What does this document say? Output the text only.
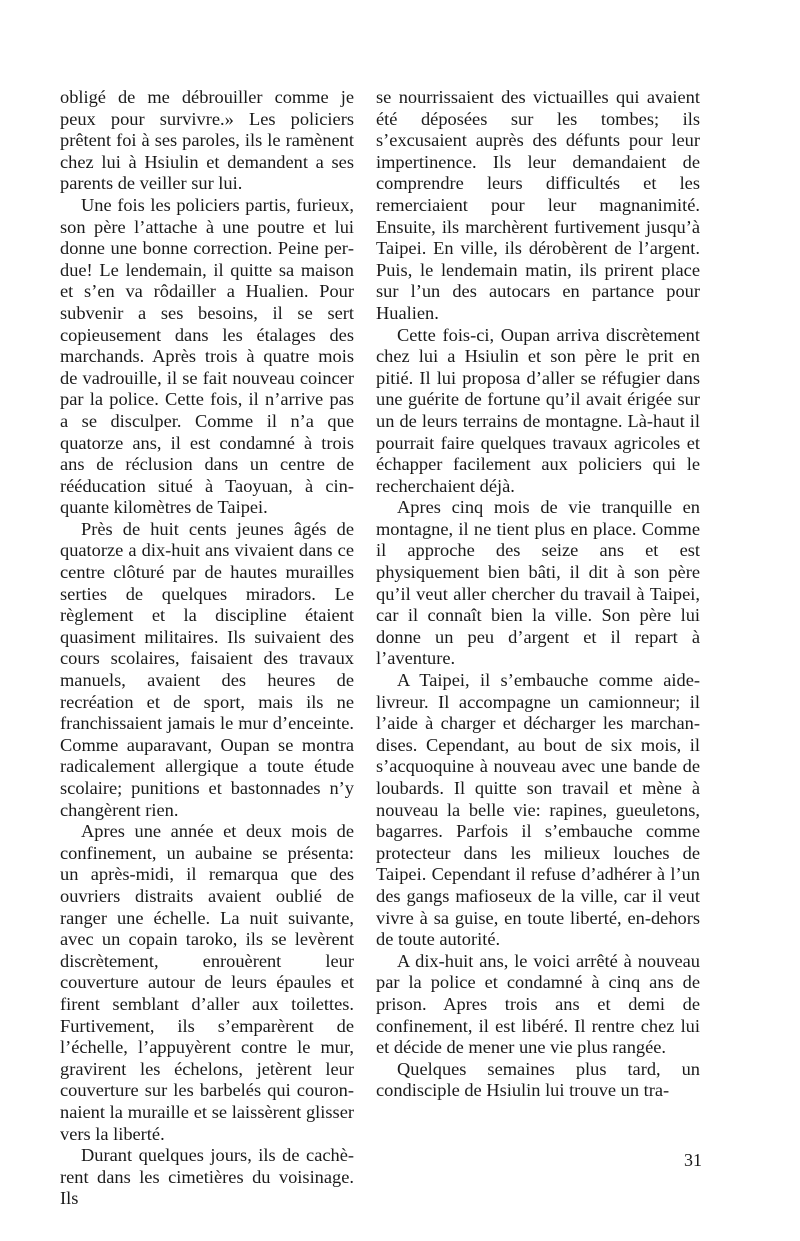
obligé de me débrouiller comme je peux pour survivre.» Les policiers prêtent foi à ses paroles, ils le ramènent chez lui à Hsiulin et demandent a ses parents de veiller sur lui.

Une fois les policiers partis, furieux, son père l’attache à une poutre et lui donne une bonne correction. Peine perdue! Le lendemain, il quitte sa maison et s’en va rôdailler a Hualien. Pour subvenir a ses besoins, il se sert copieusement dans les étalages des marchands. Après trois à quatre mois de vadrouille, il se fait nouveau coincer par la police. Cette fois, il n’arrive pas a se disculper. Comme il n’a que quatorze ans, il est condamné à trois ans de réclusion dans un centre de rééducation situé à Taoyuan, à cinquante kilomètres de Taipei.

Près de huit cents jeunes âgés de quatorze a dix-huit ans vivaient dans ce centre clôturé par de hautes murailles serties de quelques miradors. Le règlement et la discipline étaient quasiment militaires. Ils suivaient des cours scolaires, faisaient des travaux manuels, avaient des heures de recréation et de sport, mais ils ne franchissaient jamais le mur d’enceinte. Comme auparavant, Oupan se montra radicalement allergique a toute étude scolaire; punitions et bastonnades n’y changèrent rien.

Apres une année et deux mois de confinement, un aubaine se présenta: un après-midi, il remarqua que des ouvriers distraits avaient oublié de ranger une échelle. La nuit suivante, avec un copain taroko, ils se levèrent discrètement, enrouèrent leur couverture autour de leurs épaules et firent semblant d’aller aux toilettes. Furtivement, ils s’emparèrent de l’échelle, l’appuyèrent contre le mur, gravirent les échelons, jetèrent leur couverture sur les barbelés qui couronnaient la muraille et se laissèrent glisser vers la liberté.

Durant quelques jours, ils de cachèrent dans les cimetières du voisinage. Ils

se nourrissaient des victuailles qui avaient été déposées sur les tombes; ils s’excusaient auprès des défunts pour leur impertinence. Ils leur demandaient de comprendre leurs difficultés et les remerciaient pour leur magnanimité. Ensuite, ils marchèrent furtivement jusqu’à Taipei. En ville, ils dérobèrent de l’argent. Puis, le lendemain matin, ils prirent place sur l’un des autocars en partance pour Hualien.

Cette fois-ci, Oupan arriva discrètement chez lui a Hsiulin et son père le prit en pitié. Il lui proposa d’aller se réfugier dans une guérite de fortune qu’il avait érigée sur un de leurs terrains de montagne. Là-haut il pourrait faire quelques travaux agricoles et échapper facilement aux policiers qui le recherchaient déjà.

Apres cinq mois de vie tranquille en montagne, il ne tient plus en place. Comme il approche des seize ans et est physiquement bien bâti, il dit à son père qu’il veut aller chercher du travail à Taipei, car il connaît bien la ville. Son père lui donne un peu d’argent et il repart à l’aventure.

A Taipei, il s’embauche comme aide-livreur. Il accompagne un camionneur; il l’aide à charger et décharger les marchandises. Cependant, au bout de six mois, il s’acquoquine à nouveau avec une bande de loubards. Il quitte son travail et mène à nouveau la belle vie: rapines, gueuletons, bagarres. Parfois il s’embauche comme protecteur dans les milieux louches de Taipei. Cependant il refuse d’adhérer à l’un des gangs mafioseux de la ville, car il veut vivre à sa guise, en toute liberté, en-dehors de toute autorité.

A dix-huit ans, le voici arrêté à nouveau par la police et condamné à cinq ans de prison. Apres trois ans et demi de confinement, il est libéré. Il rentre chez lui et décide de mener une vie plus rangée.

Quelques semaines plus tard, un condisciple de Hsiulin lui trouve un tra-

31
